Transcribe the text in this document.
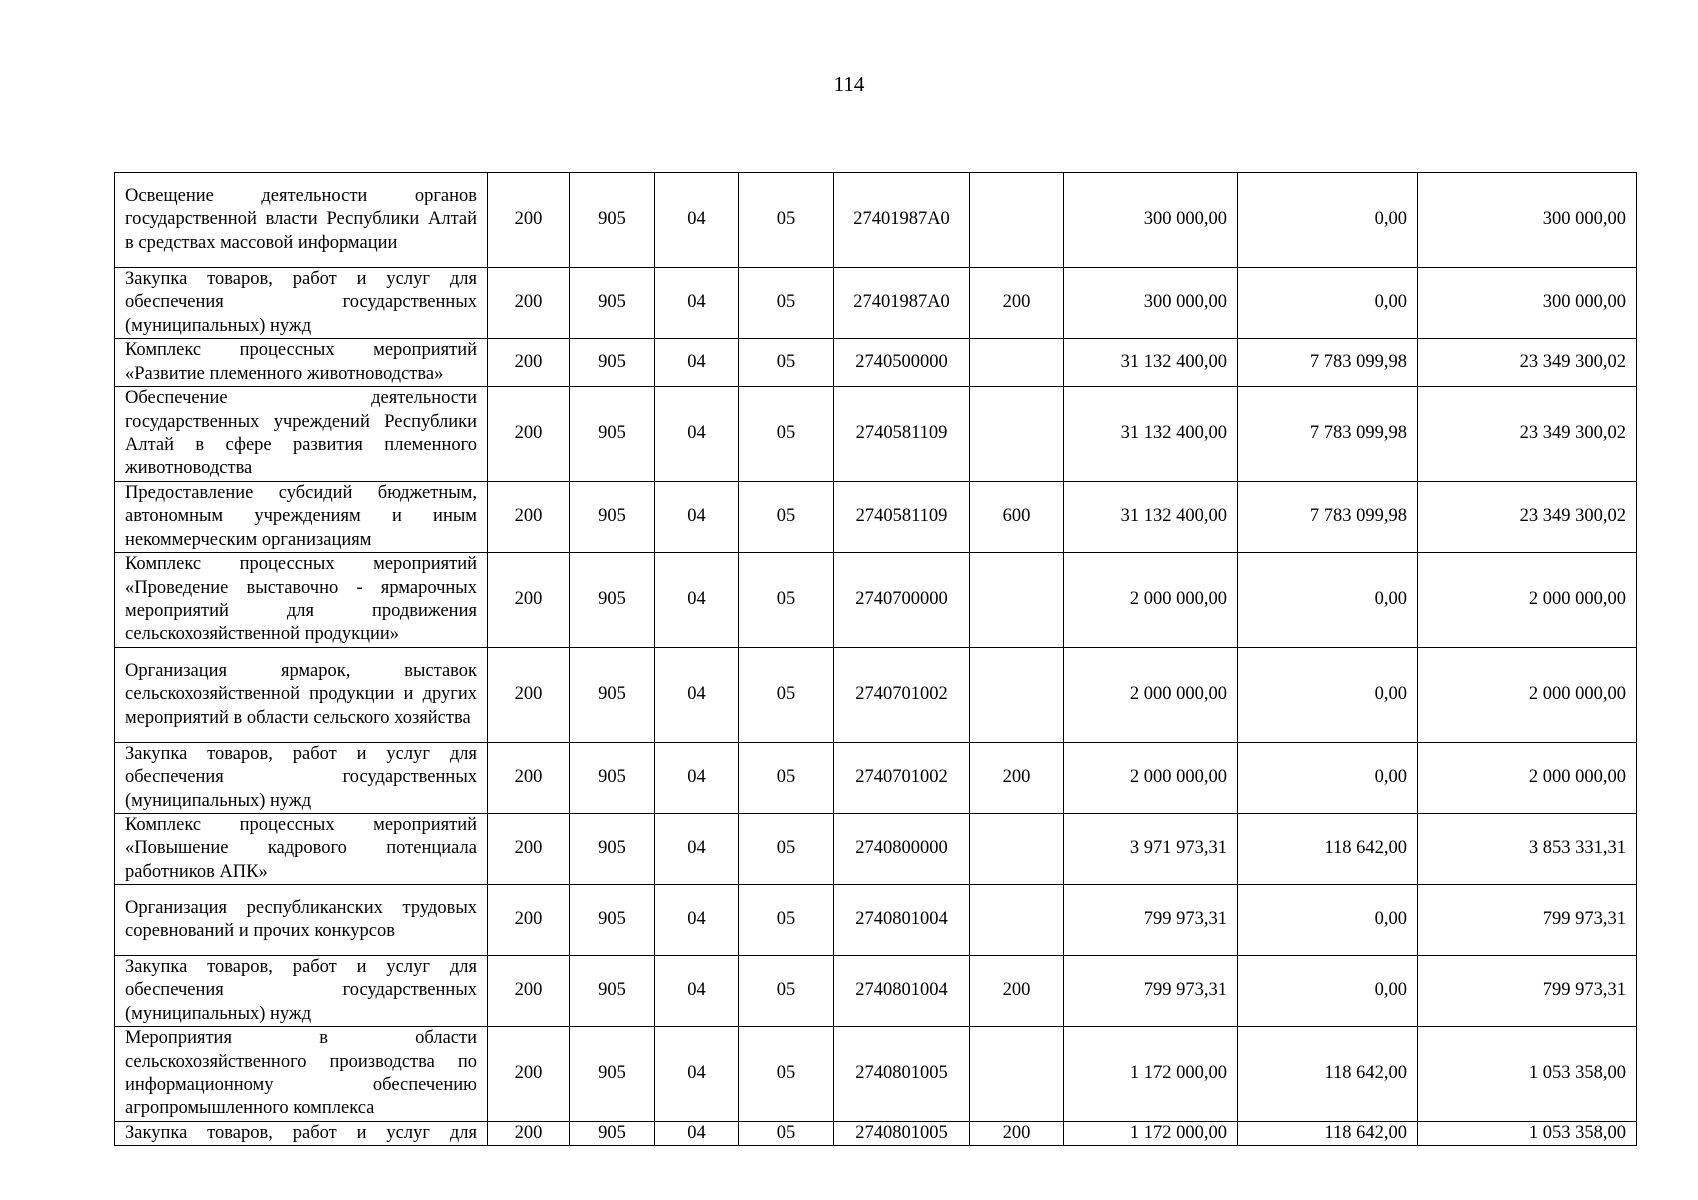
114
Освещение деятельности органов государственной власти Республики Алтай в средствах массовой информации	200	905	04	05	27401987А0		300 000,00	0,00	300 000,00
Закупка товаров, работ и услуг для обеспечения государственных (муниципальных) нужд	200	905	04	05	27401987А0	200	300 000,00	0,00	300 000,00
Комплекс процессных мероприятий «Развитие племенного животноводства»	200	905	04	05	2740500000		31 132 400,00	7 783 099,98	23 349 300,02
Обеспечение деятельности государственных учреждений Республики Алтай в сфере развития племенного животноводства	200	905	04	05	2740581109		31 132 400,00	7 783 099,98	23 349 300,02
Предоставление субсидий бюджетным, автономным учреждениям и иным некоммерческим организациям	200	905	04	05	2740581109	600	31 132 400,00	7 783 099,98	23 349 300,02
Комплекс процессных мероприятий «Проведение выставочно - ярмарочных мероприятий для продвижения сельскохозяйственной продукции»	200	905	04	05	2740700000		2 000 000,00	0,00	2 000 000,00
Организация ярмарок, выставок сельскохозяйственной продукции и других мероприятий в области сельского хозяйства	200	905	04	05	2740701002		2 000 000,00	0,00	2 000 000,00
Закупка товаров, работ и услуг для обеспечения государственных (муниципальных) нужд	200	905	04	05	2740701002	200	2 000 000,00	0,00	2 000 000,00
Комплекс процессных мероприятий «Повышение кадрового потенциала работников АПК»	200	905	04	05	2740800000		3 971 973,31	118 642,00	3 853 331,31
Организация республиканских трудовых соревнований и прочих конкурсов	200	905	04	05	2740801004		799 973,31	0,00	799 973,31
Закупка товаров, работ и услуг для обеспечения государственных (муниципальных) нужд	200	905	04	05	2740801004	200	799 973,31	0,00	799 973,31
Мероприятия в области сельскохозяйственного производства по информационному обеспечению агропромышленного комплекса	200	905	04	05	2740801005		1 172 000,00	118 642,00	1 053 358,00
Закупка товаров, работ и услуг для	200	905	04	05	2740801005	200	1 172 000,00	118 642,00	1 053 358,00
